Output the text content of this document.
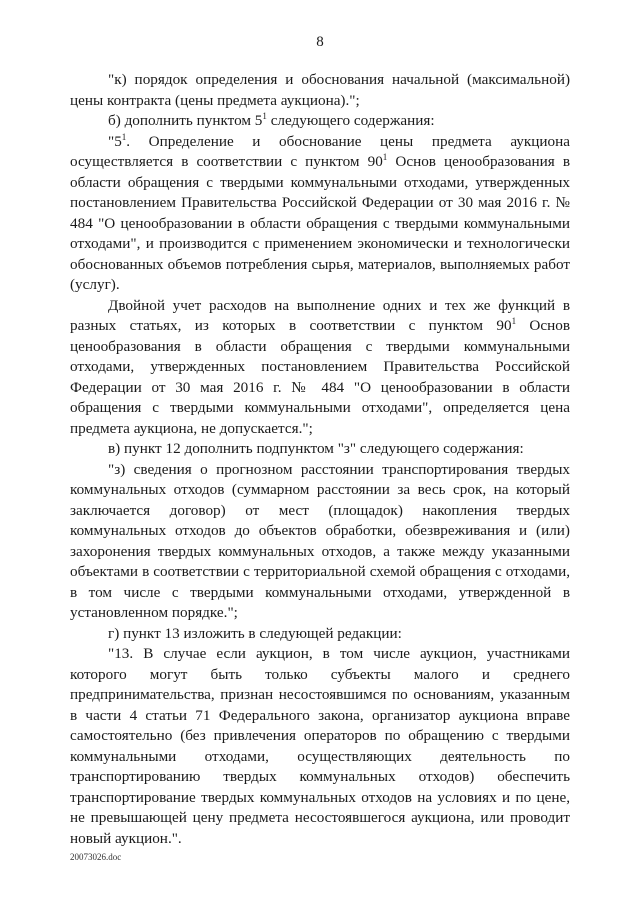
8

"к) порядок определения и обоснования начальной (максимальной) цены контракта (цены предмета аукциона).";

б) дополнить пунктом $5^1$ следующего содержания:

"$5^1$. Определение и обоснование цены предмета аукциона осуществляется в соответствии с пунктом $90^1$ Основ ценообразования в области обращения с твердыми коммунальными отходами, утвержденных постановлением Правительства Российской Федерации от 30 мая 2016 г. № 484 "О ценообразовании в области обращения с твердыми коммунальными отходами", и производится с применением экономически и технологически обоснованных объемов потребления сырья, материалов, выполняемых работ (услуг).

Двойной учет расходов на выполнение одних и тех же функций в разных статьях, из которых в соответствии с пунктом $90^1$ Основ ценообразования в области обращения с твердыми коммунальными отходами, утвержденных постановлением Правительства Российской Федерации от 30 мая 2016 г. № 484 "О ценообразовании в области обращения с твердыми коммунальными отходами", определяется цена предмета аукциона, не допускается.";

в) пункт 12 дополнить подпунктом "з" следующего содержания:

"з) сведения о прогнозном расстоянии транспортирования твердых коммунальных отходов (суммарном расстоянии за весь срок, на который заключается договор) от мест (площадок) накопления твердых коммунальных отходов до объектов обработки, обезвреживания и (или) захоронения твердых коммунальных отходов, а также между указанными объектами в соответствии с территориальной схемой обращения с отходами, в том числе с твердыми коммунальными отходами, утвержденной в установленном порядке.";

г) пункт 13 изложить в следующей редакции:

"13. В случае если аукцион, в том числе аукцион, участниками которого могут быть только субъекты малого и среднего предпринимательства, признан несостоявшимся по основаниям, указанным в части 4 статьи 71 Федерального закона, организатор аукциона вправе самостоятельно (без привлечения операторов по обращению с твердыми коммунальными отходами, осуществляющих деятельность по транспортированию твердых коммунальных отходов) обеспечить транспортирование твердых коммунальных отходов на условиях и по цене, не превышающей цену предмета несостоявшегося аукциона, или проводит новый аукцион.".

20073026.doc
